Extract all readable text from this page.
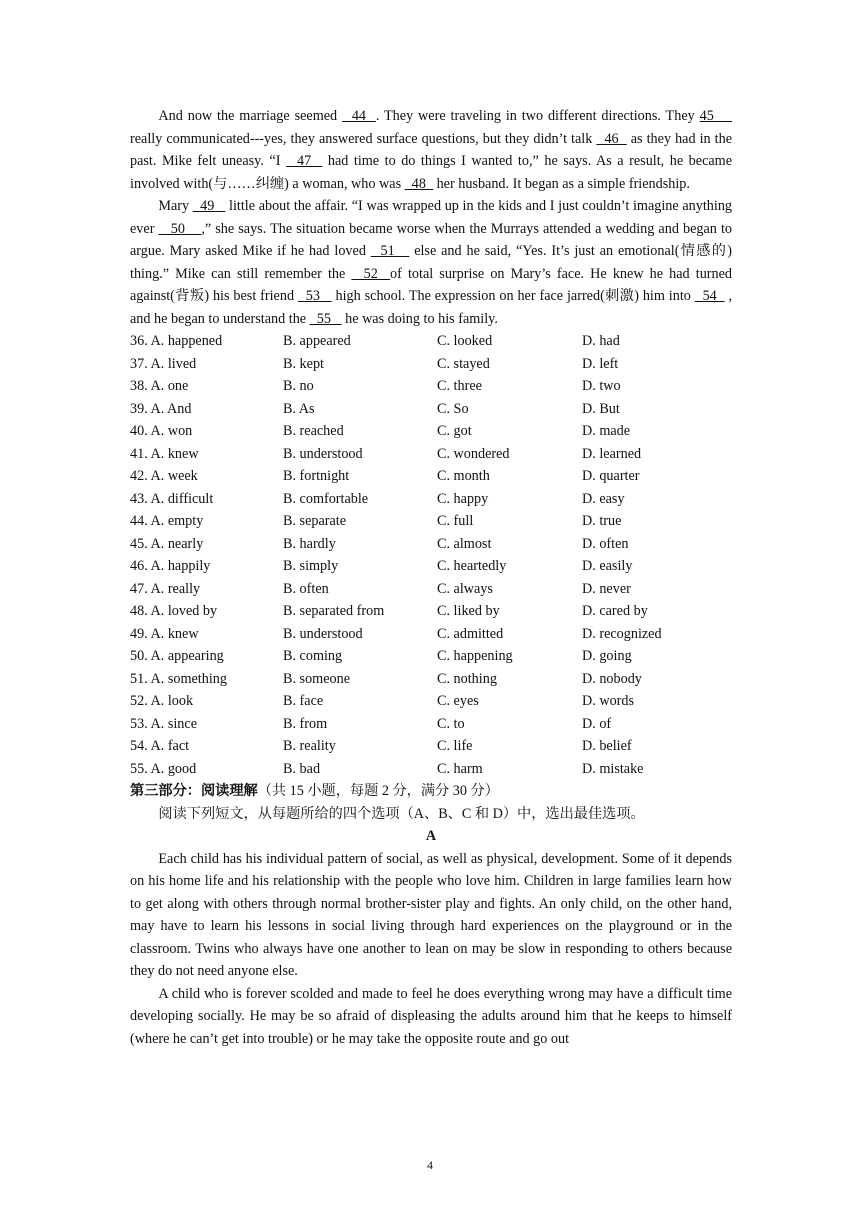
And now the marriage seemed   44  . They were traveling in two different directions. They 45     really communicated---yes, they answered surface questions, but they didn’t talk   46   as they had in the past. Mike felt uneasy. “I   47   had time to do things I wanted to,” he says. As a result, he became involved with(与……纠缠) a woman, who was   48   her husband. It began as a simple friendship.

Mary   49    little about the affair. “I was wrapped up in the kids and I just couldn’t imagine anything ever    50    ,” she says. The situation became worse when the Murrays attended a wedding and began to argue. Mary asked Mike if he had loved   51    else and he said, “Yes. It’s just an emotional(情感的) thing.” Mike can still remember the   52  of total surprise on Mary’s face. He knew he had turned against(背叛) his best friend   53    high school. The expression on her face jarred(刺激) him into   54   , and he began to understand the   55    he was doing to his family.

36. A. happened	B. appeared	C. looked	D. had
37. A. lived	B. kept	C. stayed	D. left
38. A. one	B. no	C. three	D. two
39. A. And	B. As	C. So	D. But
40. A. won	B. reached	C. got	D. made
41. A. knew	B. understood	C. wondered	D. learned
42. A. week	B. fortnight	C. month	D. quarter
43. A. difficult	B. comfortable	C. happy	D. easy
44. A. empty	B. separate	C. full	D. true
45. A. nearly	B. hardly	C. almost	D. often
46. A. happily	B. simply	C. heartedly	D. easily
47. A. really	B. often	C. always	D. never
48. A. loved by	B. separated from	C. liked by	D. cared by
49. A. knew	B. understood	C. admitted	D. recognized
50. A. appearing	B. coming	C. happening	D. going
51. A. something	B. someone	C. nothing	D. nobody
52. A. look	B. face	C. eyes	D. words
53. A. since	B. from	C. to	D. of
54. A. fact	B. reality	C. life	D. belief
55. A. good	B. bad	C. harm	D. mistake

第三部分：阅读理解（共 15 小题，每题 2 分，满分 30 分）

阅读下列短文，从每题所给的四个选项（A、B、C 和 D）中，选出最佳选项。

A

Each child has his individual pattern of social, as well as physical, development. Some of it depends on his home life and his relationship with the people who love him. Children in large families learn how to get along with others through normal brother-sister play and fights. An only child, on the other hand, may have to learn his lessons in social living through hard experiences on the playground or in the classroom. Twins who always have one another to lean on may be slow in responding to others because they do not need anyone else.

A child who is forever scolded and made to feel he does everything wrong may have a difficult time developing socially. He may be so afraid of displeasing the adults around him that he keeps to himself (where he can’t get into trouble) or he may take the opposite route and go out

4
